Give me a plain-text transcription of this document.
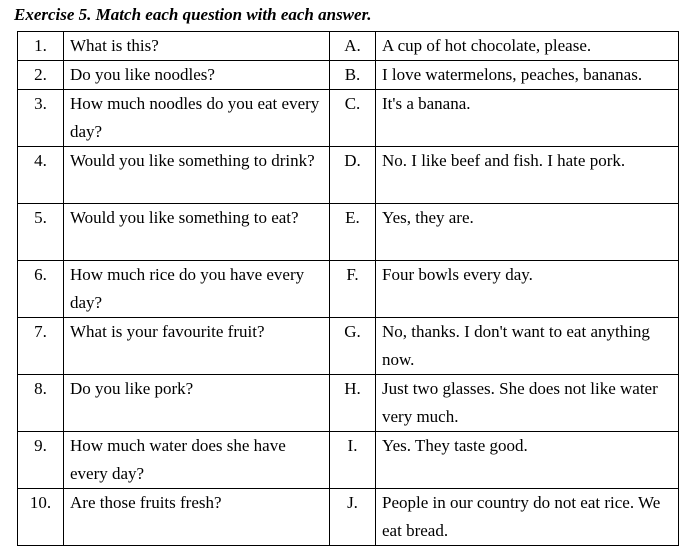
Exercise 5. Match each question with each answer.
1.	What is this?	A.	A cup of hot chocolate, please.
2.	Do you like noodles?	B.	I love watermelons, peaches, bananas.
3.	How much noodles do you eat every day?	C.	It's a banana.
4.	Would you like something to drink?	D.	No. I like beef and fish. I hate pork.
5.	Would you like something to eat?	E.	Yes, they are.
6.	How much rice do you have every day?	F.	Four bowls every day.
7.	What is your favourite fruit?	G.	No, thanks. I don't want to eat anything now.
8.	Do you like pork?	H.	Just two glasses. She does not like water very much.
9.	How much water does she have every day?	I.	Yes. They taste good.
10.	Are those fruits fresh?	J.	People in our country do not eat rice. We eat bread.
